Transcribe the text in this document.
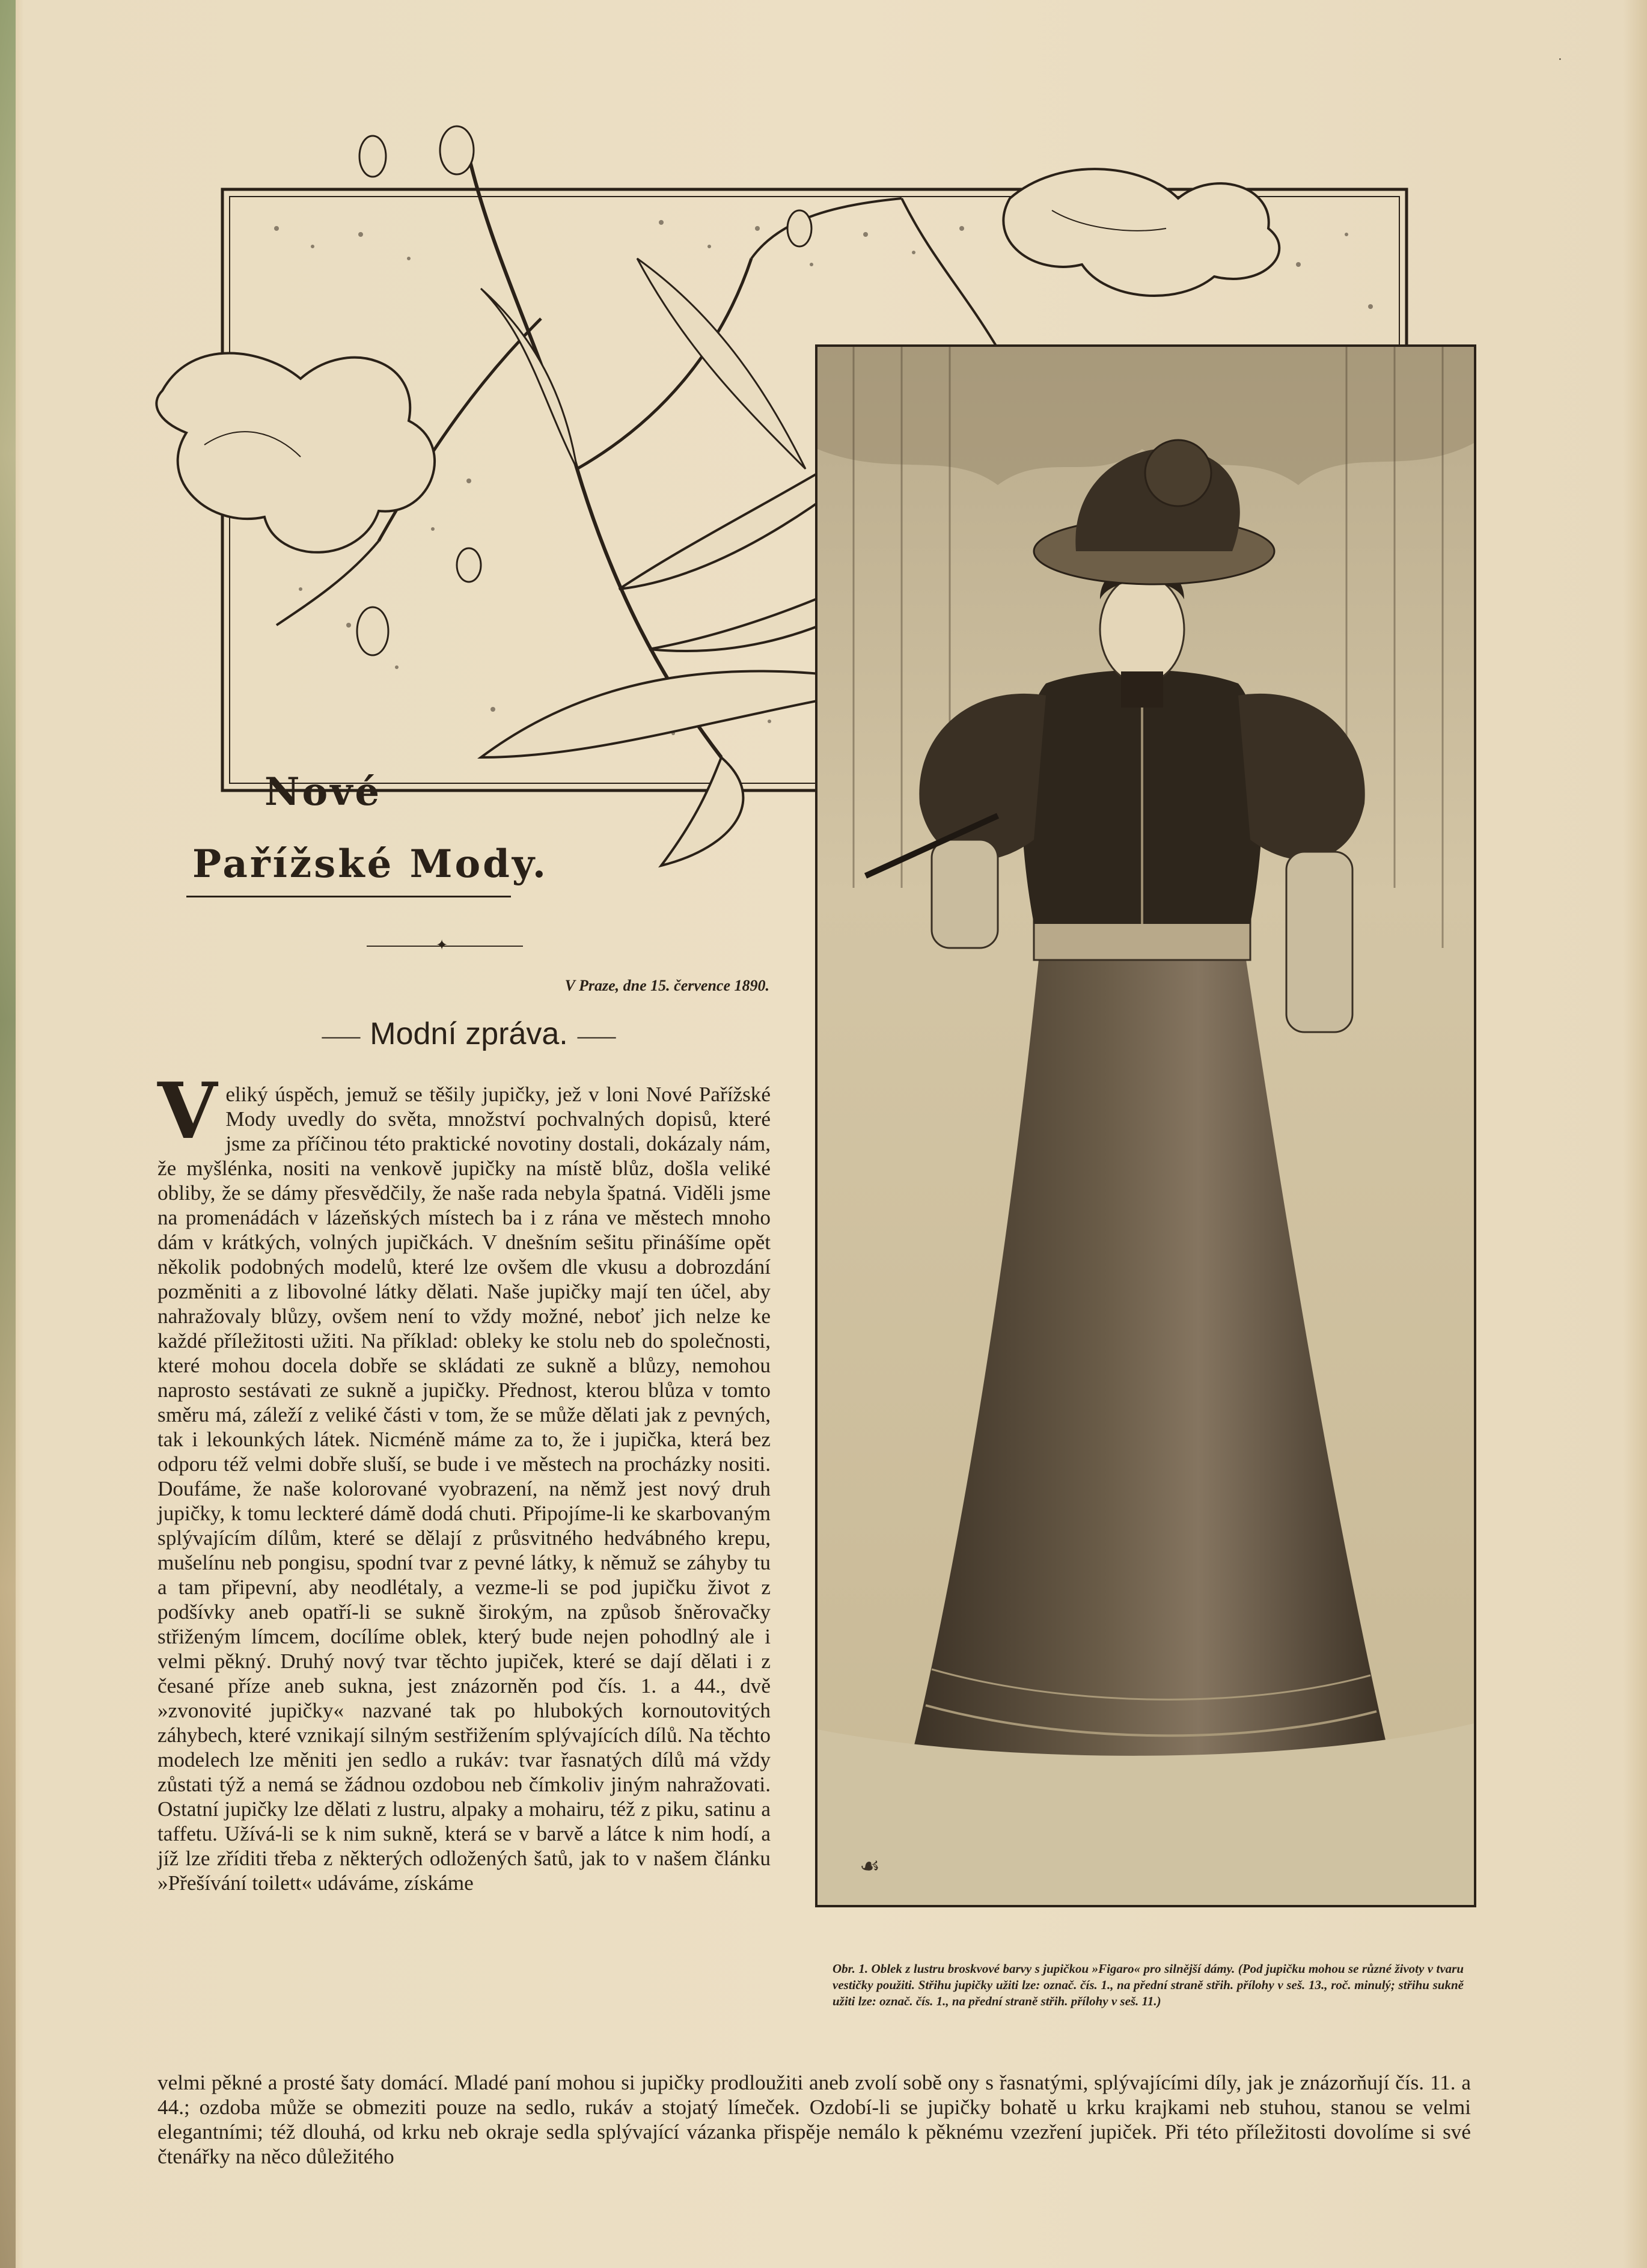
·
Nové
Pařížské Mody.
✦
V Praze, dne 15. července 1890.
⸺ Modní zpráva. ⸺
V eliký úspěch, jemuž se těšily jupičky, jež v loni Nové Pařížské Mody uvedly do světa, množství pochvalných dopisů, které jsme za příčinou této praktické novotiny dostali, dokázaly nám, že myšlénka, nositi na venkově jupičky na místě blůz, došla veliké obliby, že se dámy přesvědčily, že naše rada nebyla špatná. Viděli jsme na promenádách v lázeňských místech ba i z rána ve městech mnoho dám v krátkých, volných jupičkách. V dnešním sešitu přinášíme opět několik podobných modelů, které lze ovšem dle vkusu a dobrozdání pozměniti a z libovolné látky dělati. Naše jupičky mají ten účel, aby nahražovaly blůzy, ovšem není to vždy možné, neboť jich nelze ke každé příležitosti užiti. Na příklad: obleky ke stolu neb do společnosti, které mohou docela dobře se skládati ze sukně a blůzy, nemohou naprosto sestávati ze sukně a jupičky. Přednost, kterou blůza v tomto směru má, záleží z veliké části v tom, že se může dělati jak z pevných, tak i lekounkých látek. Nicméně máme za to, že i jupička, která bez odporu též velmi dobře sluší, se bude i ve městech na procházky nositi. Doufáme, že naše kolorované vyobrazení, na němž jest nový druh jupičky, k tomu leckteré dámě dodá chuti. Připojíme-li ke skarbovaným splývajícím dílům, které se dělají z průsvitného hedvábného krepu, mušelínu neb pongisu, spodní tvar z pevné látky, k němuž se záhyby tu a tam připevní, aby neodlétaly, a vezme-li se pod jupičku život z podšívky aneb opatří-li se sukně širokým, na způsob šněrovačky střiženým límcem, docílíme oblek, který bude nejen pohodlný ale i velmi pěkný. Druhý nový tvar těchto jupiček, které se dají dělati i z česané příze aneb sukna, jest znázorněn pod čís. 1. a 44., dvě »zvonovité jupičky« nazvané tak po hlubokých kornoutovitých záhybech, které vznikají silným sestřižením splývajících dílů. Na těchto modelech lze měniti jen sedlo a rukáv: tvar řasnatých dílů má vždy zůstati týž a nemá se žádnou ozdobou neb čímkoliv jiným nahražovati. Ostatní jupičky lze dělati z lustru, alpaky a mohairu, též z piku, satinu a taffetu. Užívá-li se k nim sukně, která se v barvě a látce k nim hodí, a jíž lze zříditi třeba z některých odložených šatů, jak to v našem článku »Přešívání toilett« udáváme, získáme

☙
Obr. 1. Oblek z lustru broskvové barvy s jupičkou »Figaro« pro silnější dámy. (Pod jupičku mohou se různé životy v tvaru vestičky použiti. Střihu jupičky užiti lze: označ. čís. 1., na přední straně střih. přílohy v seš. 13., roč. minulý; střihu sukně užiti lze: označ. čís. 1., na přední straně střih. přílohy v seš. 11.)
velmi pěkné a prosté šaty domácí. Mladé paní mohou si jupičky prodloužiti aneb zvolí sobě ony s řasnatými, splývajícími díly, jak je znázorňují čís. 11. a 44.; ozdoba může se obmeziti pouze na sedlo, rukáv a stojatý límeček. Ozdobí-li se jupičky bohatě u krku krajkami neb stuhou, stanou se velmi elegantními; též dlouhá, od krku neb okraje sedla splývající vázanka přispěje nemálo k pěknému vzezření jupiček. Při této příležitosti dovolíme si své čtenářky na něco důležitého
